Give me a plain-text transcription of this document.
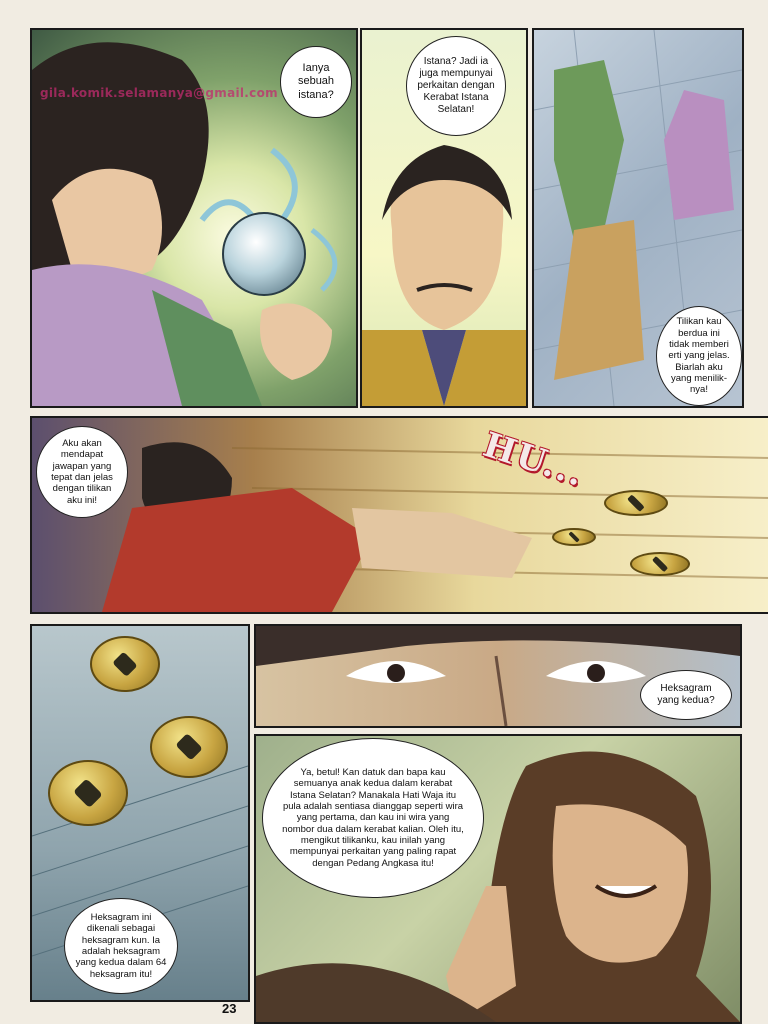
Ianya sebuah istana?
gila.komik.selamanya@gmail.com
Istana? Jadi ia juga mempunyai perkaitan dengan Kerabat Istana Selatan!
Tilikan kau berdua ini tidak memberi erti yang jelas. Biarlah aku yang meniliknya!
HU...
Aku akan mendapat jawapan yang tepat dan jelas dengan tilikan aku ini!
Heksagram ini dikenali sebagai heksagram kun. Ia adalah heksagram yang kedua dalam 64 heksagram itu!
Heksagram yang kedua?
Ya, betul! Kan datuk dan bapa kau semuanya anak kedua dalam kerabat Istana Selatan? Manakala Hati Waja itu pula adalah sentiasa dianggap seperti wira yang pertama, dan kau ini wira yang nombor dua dalam kerabat kalian. Oleh itu, mengikut tilikanku, kau inilah yang mempunyai perkaitan yang paling rapat dengan Pedang Angkasa itu!
23
